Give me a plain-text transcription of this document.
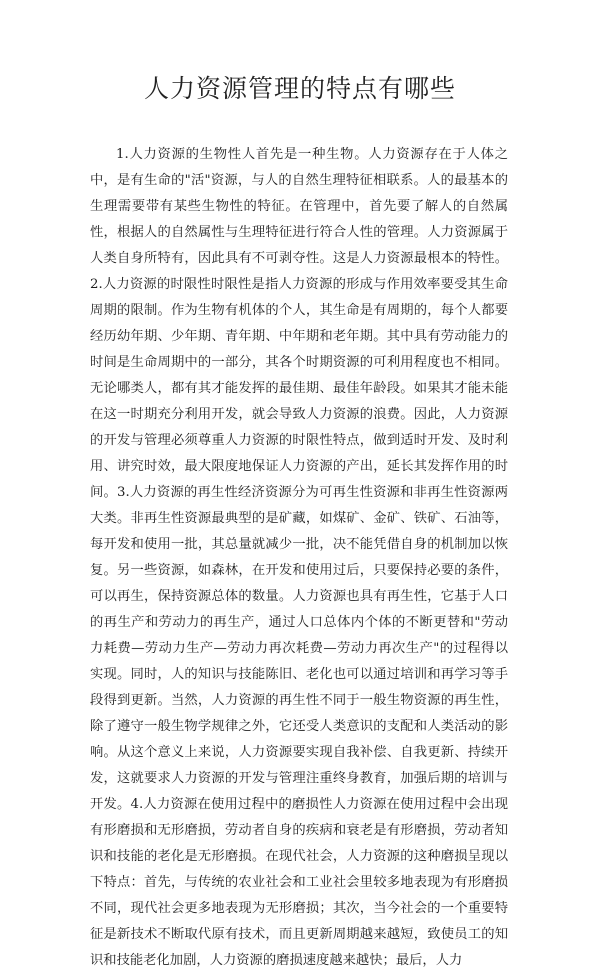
人力资源管理的特点有哪些

1.人力资源的生物性人首先是一种生物。人力资源存在于人体之中，是有生命的"活"资源，与人的自然生理特征相联系。人的最基本的生理需要带有某些生物性的特征。在管理中，首先要了解人的自然属性，根据人的自然属性与生理特征进行符合人性的管理。人力资源属于人类自身所特有，因此具有不可剥夺性。这是人力资源最根本的特性。2.人力资源的时限性时限性是指人力资源的形成与作用效率要受其生命周期的限制。作为生物有机体的个人，其生命是有周期的，每个人都要经历幼年期、少年期、青年期、中年期和老年期。其中具有劳动能力的时间是生命周期中的一部分，其各个时期资源的可利用程度也不相同。无论哪类人，都有其才能发挥的最佳期、最佳年龄段。如果其才能未能在这一时期充分利用开发，就会导致人力资源的浪费。因此，人力资源的开发与管理必须尊重人力资源的时限性特点，做到适时开发、及时利用、讲究时效，最大限度地保证人力资源的产出，延长其发挥作用的时间。3.人力资源的再生性经济资源分为可再生性资源和非再生性资源两大类。非再生性资源最典型的是矿藏，如煤矿、金矿、铁矿、石油等，每开发和使用一批，其总量就减少一批，决不能凭借自身的机制加以恢复。另一些资源，如森林，在开发和使用过后，只要保持必要的条件，可以再生，保持资源总体的数量。人力资源也具有再生性，它基于人口的再生产和劳动力的再生产，通过人口总体内个体的不断更替和"劳动力耗费—劳动力生产—劳动力再次耗费—劳动力再次生产"的过程得以实现。同时，人的知识与技能陈旧、老化也可以通过培训和再学习等手段得到更新。当然，人力资源的再生性不同于一般生物资源的再生性，除了遵守一般生物学规律之外，它还受人类意识的支配和人类活动的影响。从这个意义上来说，人力资源要实现自我补偿、自我更新、持续开发，这就要求人力资源的开发与管理注重终身教育，加强后期的培训与开发。4.人力资源在使用过程中的磨损性人力资源在使用过程中会出现有形磨损和无形磨损，劳动者自身的疾病和衰老是有形磨损，劳动者知识和技能的老化是无形磨损。在现代社会，人力资源的这种磨损呈现以下特点：首先，与传统的农业社会和工业社会里较多地表现为有形磨损不同，现代社会更多地表现为无形磨损；其次，当今社会的一个重要特征是新技术不断取代原有技术，而且更新周期越来越短，致使员工的知识和技能老化加剧，人力资源的磨损速度越来越快；最后，人力
